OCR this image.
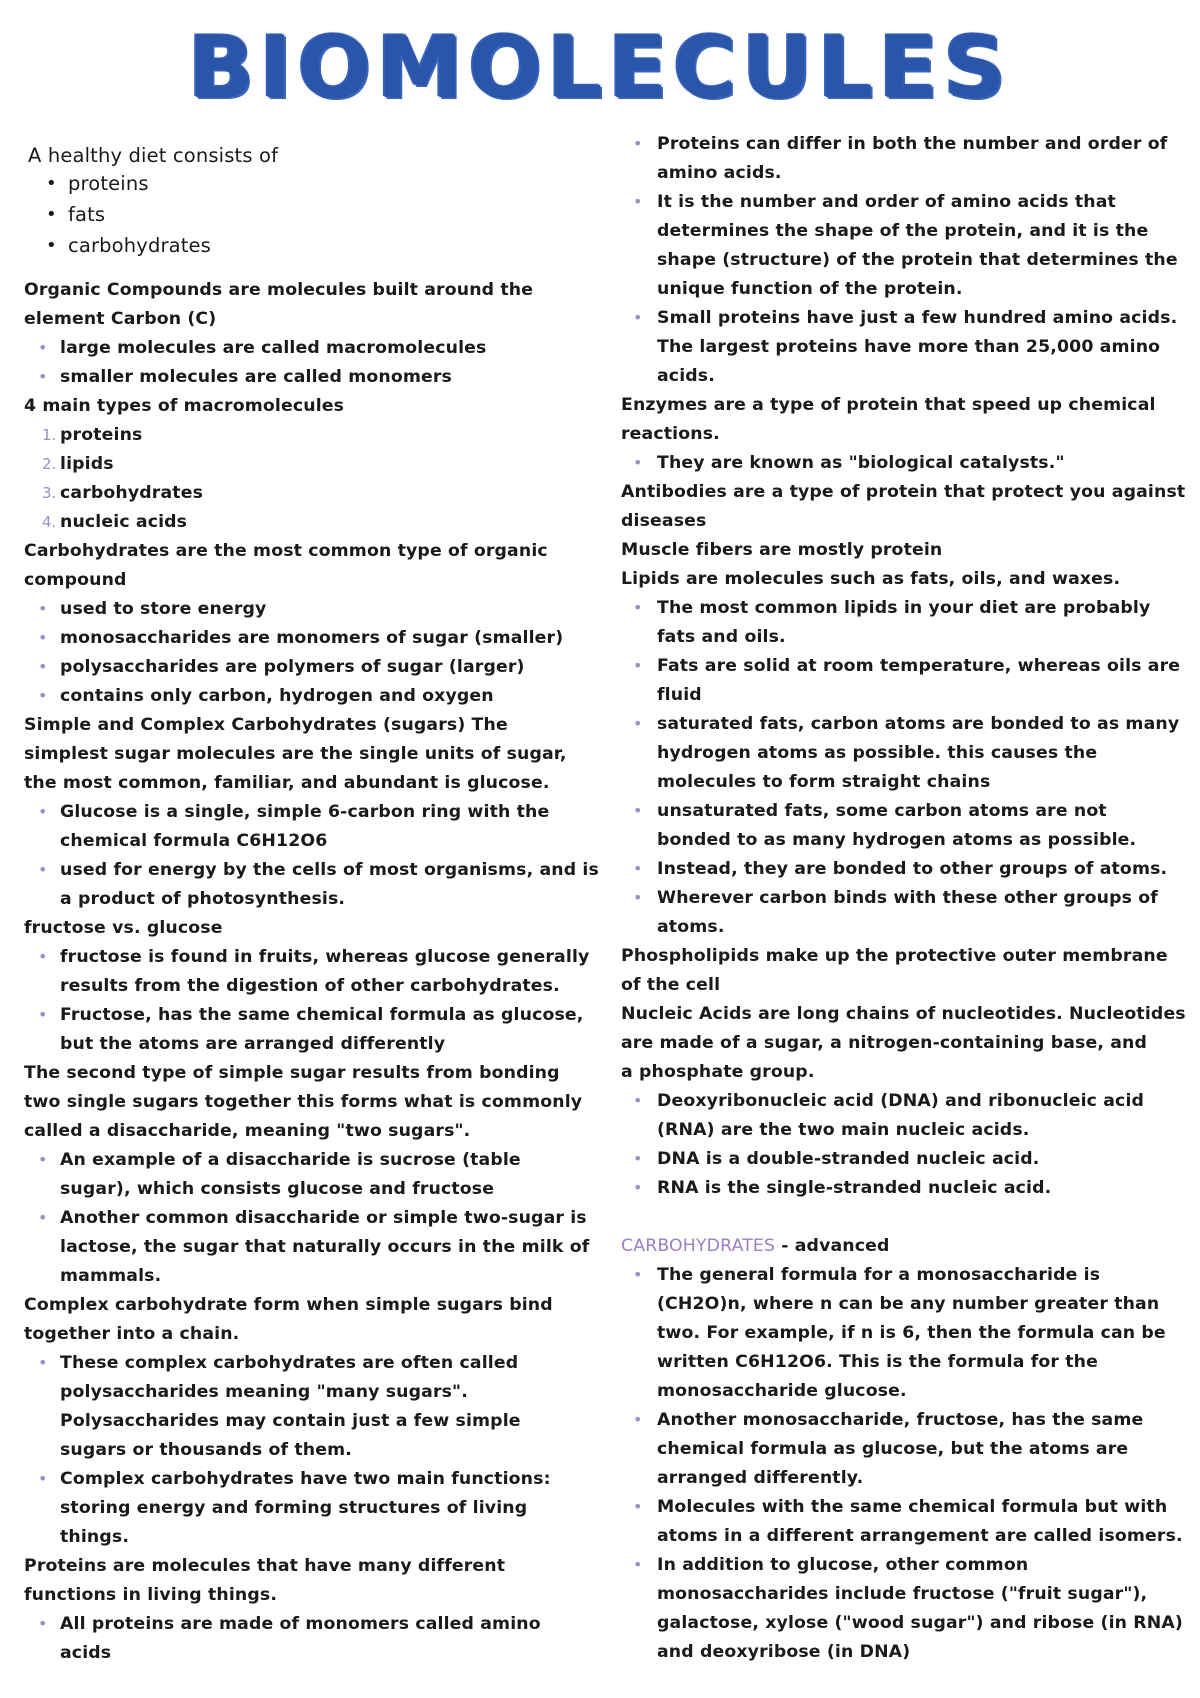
BIOMOLECULES
A healthy diet consists of
• proteins
• fats
• carbohydrates
Organic Compounds are molecules built around the
element Carbon (C)
• large molecules are called macromolecules
• smaller molecules are called monomers
4 main types of macromolecules
1. proteins
2. lipids
3. carbohydrates
4. nucleic acids
Carbohydrates are the most common type of organic
compound
• used to store energy
• monosaccharides are monomers of sugar (smaller)
• polysaccharides are polymers of sugar (larger)
• contains only carbon, hydrogen and oxygen
Simple and Complex Carbohydrates (sugars) The
simplest sugar molecules are the single units of sugar,
the most common, familiar, and abundant is glucose.
• Glucose is a single, simple 6-carbon ring with the
chemical formula C6H12O6
• used for energy by the cells of most organisms, and is
a product of photosynthesis.
fructose vs. glucose
• fructose is found in fruits, whereas glucose generally
results from the digestion of other carbohydrates.
• Fructose, has the same chemical formula as glucose,
but the atoms are arranged differently
The second type of simple sugar results from bonding
two single sugars together this forms what is commonly
called a disaccharide, meaning "two sugars".
• An example of a disaccharide is sucrose (table
sugar), which consists glucose and fructose
• Another common disaccharide or simple two-sugar is
lactose, the sugar that naturally occurs in the milk of
mammals.
Complex carbohydrate form when simple sugars bind
together into a chain.
• These complex carbohydrates are often called
polysaccharides meaning "many sugars".
Polysaccharides may contain just a few simple
sugars or thousands of them.
• Complex carbohydrates have two main functions:
storing energy and forming structures of living
things.
Proteins are molecules that have many different
functions in living things.
• All proteins are made of monomers called amino
acids
• Proteins can differ in both the number and order of
amino acids.
• It is the number and order of amino acids that
determines the shape of the protein, and it is the
shape (structure) of the protein that determines the
unique function of the protein.
• Small proteins have just a few hundred amino acids.
The largest proteins have more than 25,000 amino
acids.
Enzymes are a type of protein that speed up chemical
reactions.
• They are known as "biological catalysts."
Antibodies are a type of protein that protect you against
diseases
Muscle fibers are mostly protein
Lipids are molecules such as fats, oils, and waxes.
• The most common lipids in your diet are probably
fats and oils.
• Fats are solid at room temperature, whereas oils are
fluid
• saturated fats, carbon atoms are bonded to as many
hydrogen atoms as possible. this causes the
molecules to form straight chains
• unsaturated fats, some carbon atoms are not
bonded to as many hydrogen atoms as possible.
• Instead, they are bonded to other groups of atoms.
• Wherever carbon binds with these other groups of
atoms.
Phospholipids make up the protective outer membrane
of the cell
Nucleic Acids are long chains of nucleotides. Nucleotides
are made of a sugar, a nitrogen-containing base, and
a phosphate group.
• Deoxyribonucleic acid (DNA) and ribonucleic acid
(RNA) are the two main nucleic acids.
• DNA is a double-stranded nucleic acid.
• RNA is the single-stranded nucleic acid.
CARBOHYDRATES - advanced
• The general formula for a monosaccharide is
(CH2O)n, where n can be any number greater than
two. For example, if n is 6, then the formula can be
written C6H12O6. This is the formula for the
monosaccharide glucose.
• Another monosaccharide, fructose, has the same
chemical formula as glucose, but the atoms are
arranged differently.
• Molecules with the same chemical formula but with
atoms in a different arrangement are called isomers.
• In addition to glucose, other common
monosaccharides include fructose ("fruit sugar"),
galactose, xylose ("wood sugar") and ribose (in RNA)
and deoxyribose (in DNA)
